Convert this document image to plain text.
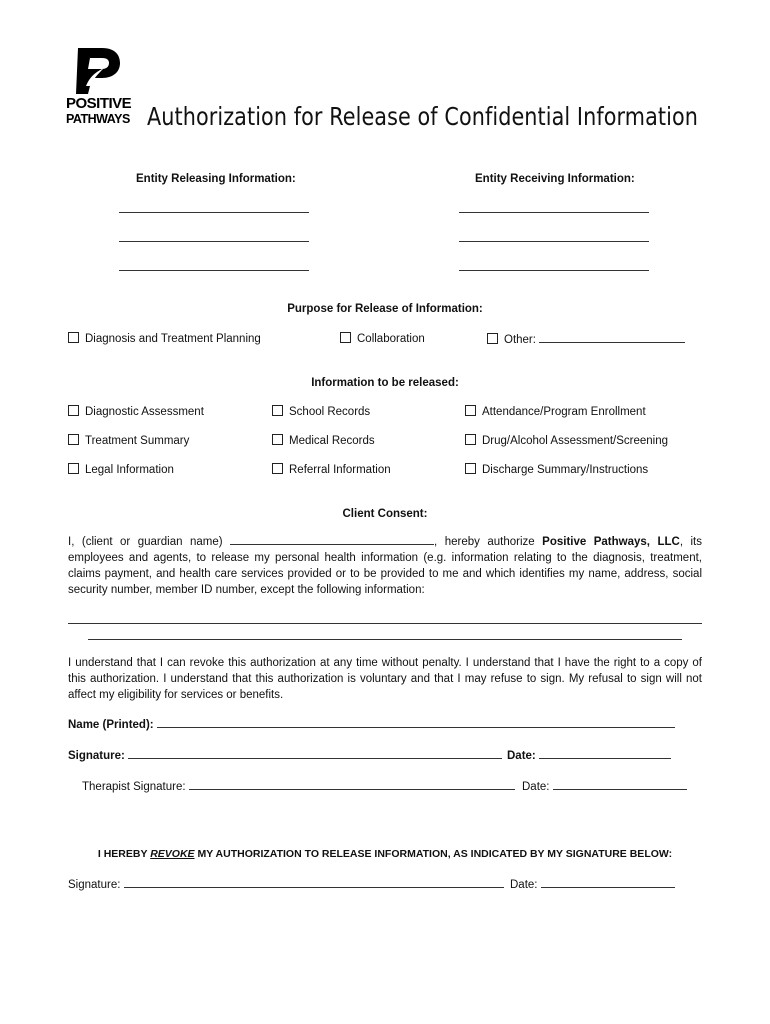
POSITIVE
PATHWAYS Authorization for Release of Confidential Information
Entity Releasing Information:	Entity Receiving Information:
Purpose for Release of Information:
Diagnosis and Treatment Planning	Collaboration	Other:
Information to be released:
Diagnostic Assessment	School Records	Attendance/Program Enrollment
Treatment Summary	Medical Records	Drug/Alcohol Assessment/Screening
Legal Information	Referral Information	Discharge Summary/Instructions
Client Consent:
I, (client or guardian name)	, hereby authorize Positive Pathways, LLC, its employees and agents, to release my personal health information (e.g. information relating to the diagnosis, treatment, claims payment, and health care services provided or to be provided to me and which identifies my name, address, social security number, member ID number, except the following information:
I understand that I can revoke this authorization at any time without penalty. I understand that I have the right to a copy of this authorization. I understand that this authorization is voluntary and that I may refuse to sign. My refusal to sign will not affect my eligibility for services or benefits.
Name (Printed):
Signature:	Date:
Therapist Signature:	Date:
I HEREBY REVOKE MY AUTHORIZATION TO RELEASE INFORMATION, AS INDICATED BY MY SIGNATURE BELOW:
Signature:	Date:
